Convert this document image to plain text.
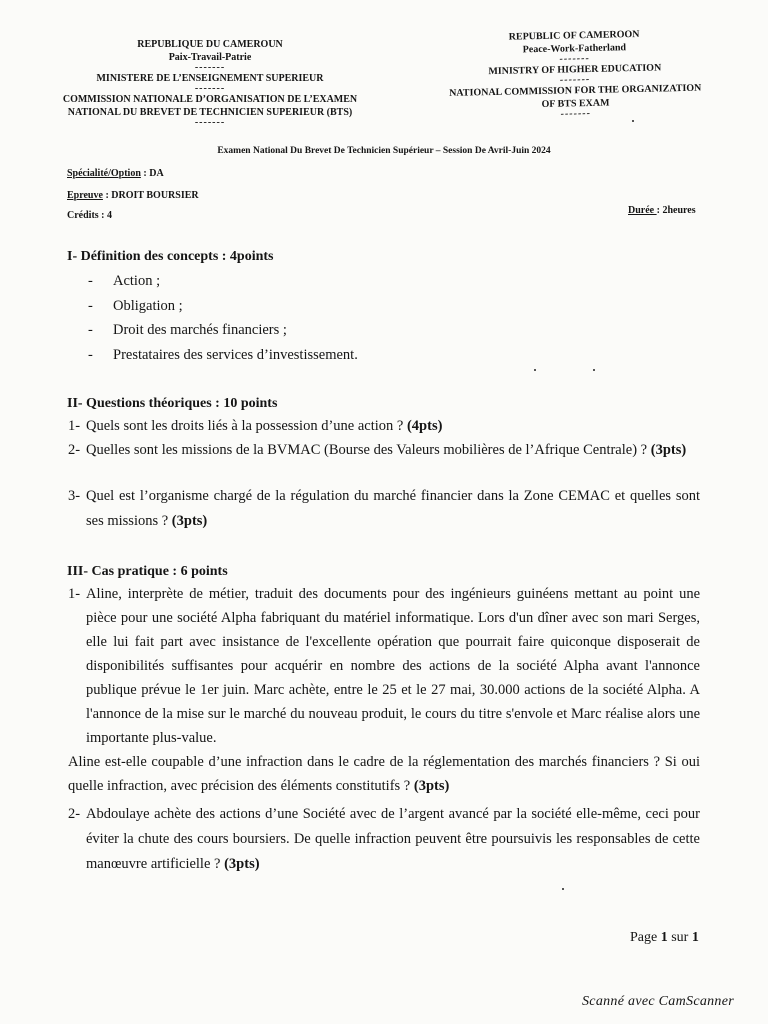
REPUBLIQUE DU CAMEROUN
Paix-Travail-Patrie
-------
MINISTERE DE L’ENSEIGNEMENT SUPERIEUR
-------
COMMISSION NATIONALE D’ORGANISATION DE L’EXAMEN
NATIONAL DU BREVET DE TECHNICIEN SUPERIEUR (BTS)
-------
REPUBLIC OF CAMEROON
Peace-Work-Fatherland
-------
MINISTRY OF HIGHER EDUCATION
-------
NATIONAL COMMISSION FOR THE ORGANIZATION
OF BTS EXAM
-------
Examen National Du Brevet De Technicien Supérieur – Session De Avril-Juin 2024
Spécialité/Option : DA
Epreuve : DROIT BOURSIER
Crédits : 4	Durée : 2heures
I- Définition des concepts : 4points
-	Action ;
-	Obligation ;
-	Droit des marchés financiers ;
-	Prestataires des services d’investissement.
II- Questions théoriques : 10 points
1- Quels sont les droits liés à la possession d’une action ? (4pts)
2- Quelles sont les missions de la BVMAC (Bourse des Valeurs mobilières de l’Afrique Centrale) ? (3pts)
3- Quel est l’organisme chargé de la régulation du marché financier dans la Zone CEMAC et quelles sont ses missions ? (3pts)
III- Cas pratique : 6 points
1- Aline, interprète de métier, traduit des documents pour des ingénieurs guinéens mettant au point une pièce pour une société Alpha fabriquant du matériel informatique. Lors d'un dîner avec son mari Serges, elle lui fait part avec insistance de l'excellente opération que pourrait faire quiconque disposerait de disponibilités suffisantes pour acquérir en nombre des actions de la société Alpha avant l'annonce publique prévue le 1er juin. Marc achète, entre le 25 et le 27 mai, 30.000 actions de la société Alpha. A l'annonce de la mise sur le marché du nouveau produit, le cours du titre s'envole et Marc réalise alors une importante plus-value.
Aline est-elle coupable d’une infraction dans le cadre de la réglementation des marchés financiers ? Si oui quelle infraction, avec précision des éléments constitutifs ? (3pts)
2- Abdoulaye achète des actions d’une Société avec de l’argent avancé par la société elle-même, ceci pour éviter la chute des cours boursiers. De quelle infraction peuvent être poursuivis les responsables de cette manœuvre artificielle ? (3pts)
Page 1 sur 1
Scanné avec CamScanner
